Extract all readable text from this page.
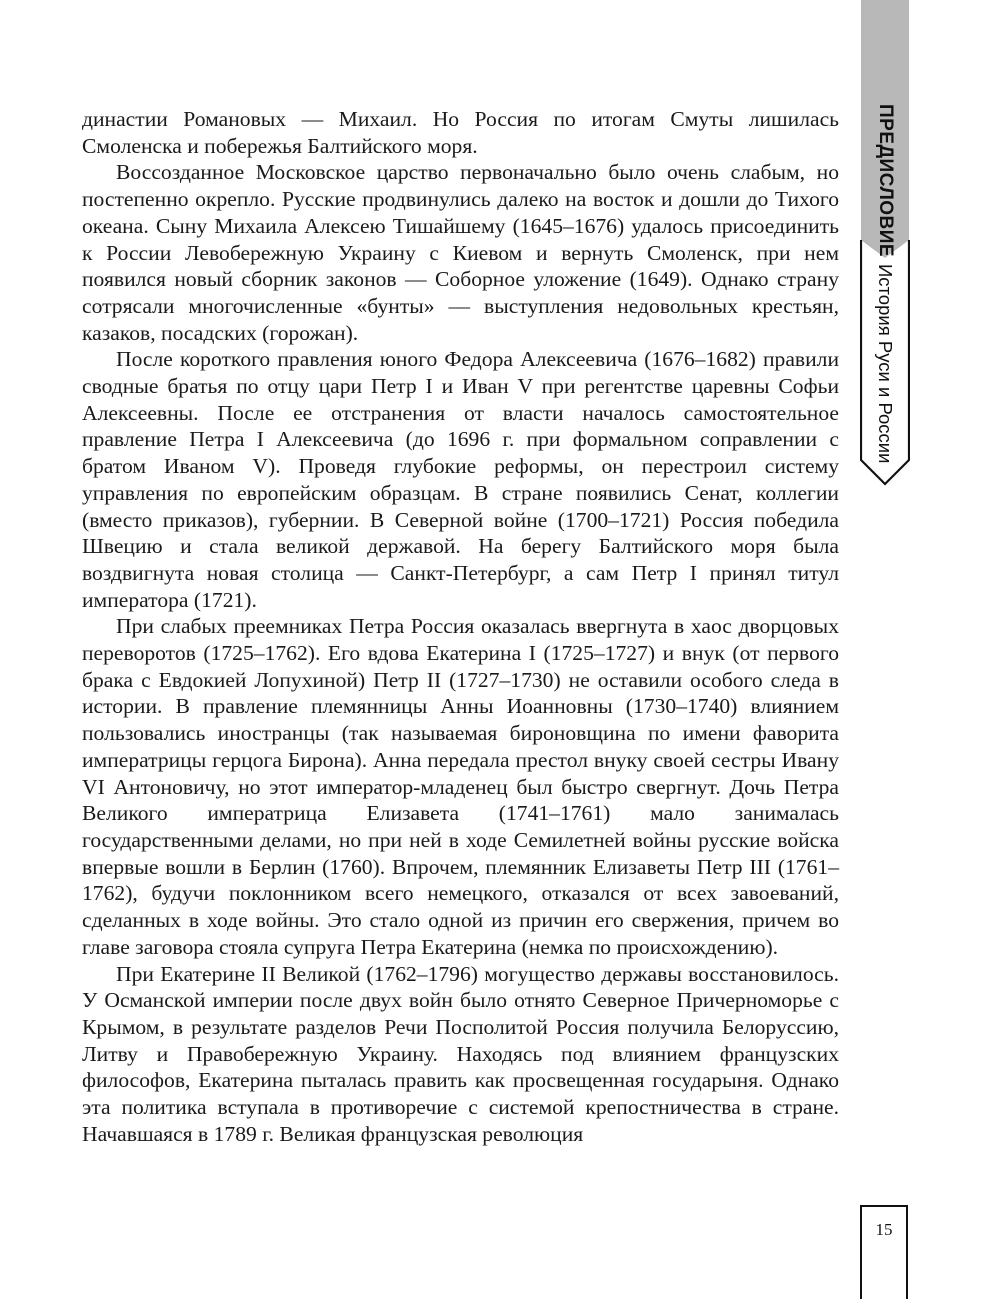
династии Романовых — Михаил. Но Россия по итогам Смуты лишилась Смоленска и побережья Балтийского моря.

Воссозданное Московское царство первоначально было очень слабым, но постепенно окрепло. Русские продвинулись далеко на восток и дошли до Тихого океана. Сыну Михаила Алексею Тишайшему (1645–1676) удалось присоединить к России Левобережную Украину с Киевом и вернуть Смоленск, при нем появился новый сборник законов — Соборное уложение (1649). Однако страну сотрясали многочисленные «бунты» — выступления недовольных крестьян, казаков, посадских (горожан).

После короткого правления юного Федора Алексеевича (1676–1682) правили сводные братья по отцу цари Петр I и Иван V при регентстве царевны Софьи Алексеевны. После ее отстранения от власти началось самостоятельное правление Петра I Алексеевича (до 1696 г. при формальном соправлении с братом Иваном V). Проведя глубокие реформы, он перестроил систему управления по европейским образцам. В стране появились Сенат, коллегии (вместо приказов), губернии. В Северной войне (1700–1721) Россия победила Швецию и стала великой державой. На берегу Балтийского моря была воздвигнута новая столица — Санкт-Петербург, а сам Петр I принял титул императора (1721).

При слабых преемниках Петра Россия оказалась ввергнута в хаос дворцовых переворотов (1725–1762). Его вдова Екатерина I (1725–1727) и внук (от первого брака с Евдокией Лопухиной) Петр II (1727–1730) не оставили особого следа в истории. В правление племянницы Анны Иоанновны (1730–1740) влиянием пользовались иностранцы (так называемая бироновщина по имени фаворита императрицы герцога Бирона). Анна передала престол внуку своей сестры Ивану VI Антоновичу, но этот император-младенец был быстро свергнут. Дочь Петра Великого императрица Елизавета (1741–1761) мало занималась государственными делами, но при ней в ходе Семилетней войны русские войска впервые вошли в Берлин (1760). Впрочем, племянник Елизаветы Петр III (1761–1762), будучи поклонником всего немецкого, отказался от всех завоеваний, сделанных в ходе войны. Это стало одной из причин его свержения, причем во главе заговора стояла супруга Петра Екатерина (немка по происхождению).

При Екатерине II Великой (1762–1796) могущество державы восстановилось. У Османской империи после двух войн было отнято Северное Причерноморье с Крымом, в результате разделов Речи Посполитой Россия получила Белоруссию, Литву и Правобережную Украину. Находясь под влиянием французских философов, Екатерина пыталась править как просвещенная государыня. Однако эта политика вступала в противоречие с системой крепостничества в стране. Начавшаяся в 1789 г. Великая французская революция

ПРЕДИСЛОВИЕ
История Руси и России
15
